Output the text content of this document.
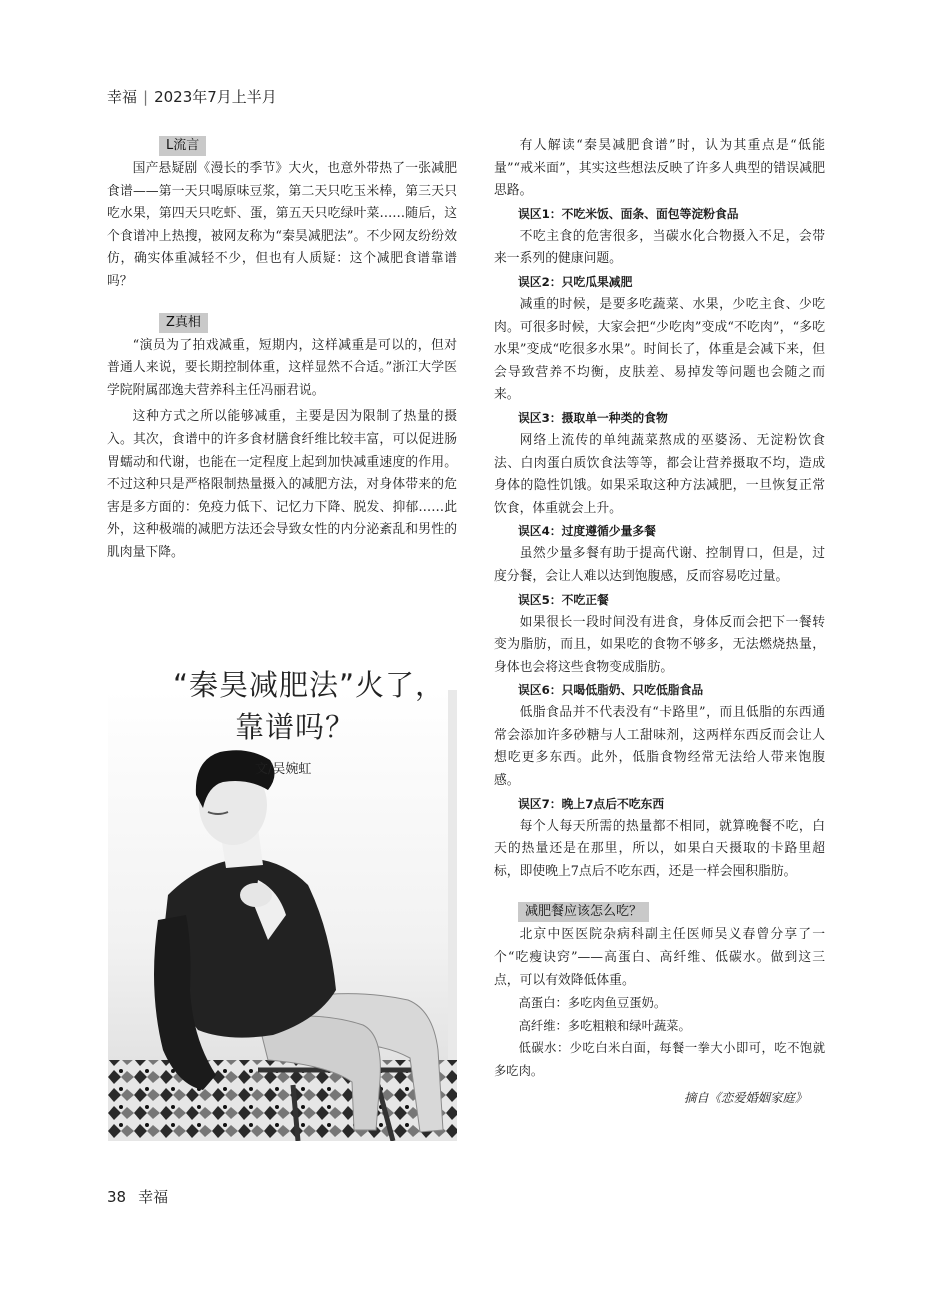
幸福 | 2023年7月上半月
L流言

国产悬疑剧《漫长的季节》大火，也意外带热了一张减肥食谱——第一天只喝原味豆浆，第二天只吃玉米棒，第三天只吃水果，第四天只吃虾、蛋，第五天只吃绿叶菜……随后，这个食谱冲上热搜，被网友称为“秦昊减肥法”。不少网友纷纷效仿，确实体重减轻不少，但也有人质疑：这个减肥食谱靠谱吗？

Z真相

“演员为了拍戏减重，短期内，这样减重是可以的，但对普通人来说，要长期控制体重，这样显然不合适。”浙江大学医学院附属邵逸夫营养科主任冯丽君说。

这种方式之所以能够减重，主要是因为限制了热量的摄入。其次，食谱中的许多食材膳食纤维比较丰富，可以促进肠胃蠕动和代谢，也能在一定程度上起到加快减重速度的作用。不过这种只是严格限制热量摄入的减肥方法，对身体带来的危害是多方面的：免疫力低下、记忆力下降、脱发、抑郁……此外，这种极端的减肥方法还会导致女性的内分泌紊乱和男性的肌肉量下降。

“秦昊减肥法”火了，
靠谱吗？
文/吴婉虹

有人解读“秦昊减肥食谱”时，认为其重点是“低能量”“戒米面”，其实这些想法反映了许多人典型的错误减肥思路。

误区1：不吃米饭、面条、面包等淀粉食品

不吃主食的危害很多，当碳水化合物摄入不足，会带来一系列的健康问题。

误区2：只吃瓜果减肥

减重的时候，是要多吃蔬菜、水果，少吃主食、少吃肉。可很多时候，大家会把“少吃肉”变成“不吃肉”，“多吃水果”变成“吃很多水果”。时间长了，体重是会减下来，但会导致营养不均衡，皮肤差、易掉发等问题也会随之而来。

误区3：摄取单一种类的食物

网络上流传的单纯蔬菜熬成的巫婆汤、无淀粉饮食法、白肉蛋白质饮食法等等，都会让营养摄取不均，造成身体的隐性饥饿。如果采取这种方法减肥，一旦恢复正常饮食，体重就会上升。

误区4：过度遵循少量多餐

虽然少量多餐有助于提高代谢、控制胃口，但是，过度分餐，会让人难以达到饱腹感，反而容易吃过量。

误区5：不吃正餐

如果很长一段时间没有进食，身体反而会把下一餐转变为脂肪，而且，如果吃的食物不够多，无法燃烧热量，身体也会将这些食物变成脂肪。

误区6：只喝低脂奶、只吃低脂食品

低脂食品并不代表没有“卡路里”，而且低脂的东西通常会添加许多砂糖与人工甜味剂，这两样东西反而会让人想吃更多东西。此外，低脂食物经常无法给人带来饱腹感。

误区7：晚上7点后不吃东西

每个人每天所需的热量都不相同，就算晚餐不吃，白天的热量还是在那里，所以，如果白天摄取的卡路里超标，即使晚上7点后不吃东西，还是一样会囤积脂肪。

减肥餐应该怎么吃？

北京中医医院杂病科副主任医师吴义春曾分享了一个“吃瘦诀窍”——高蛋白、高纤维、低碳水。做到这三点，可以有效降低体重。

高蛋白：多吃肉鱼豆蛋奶。

高纤维：多吃粗粮和绿叶蔬菜。

低碳水：少吃白米白面，每餐一拳大小即可，吃不饱就多吃肉。

摘自《恋爱婚姻家庭》
38 幸福
